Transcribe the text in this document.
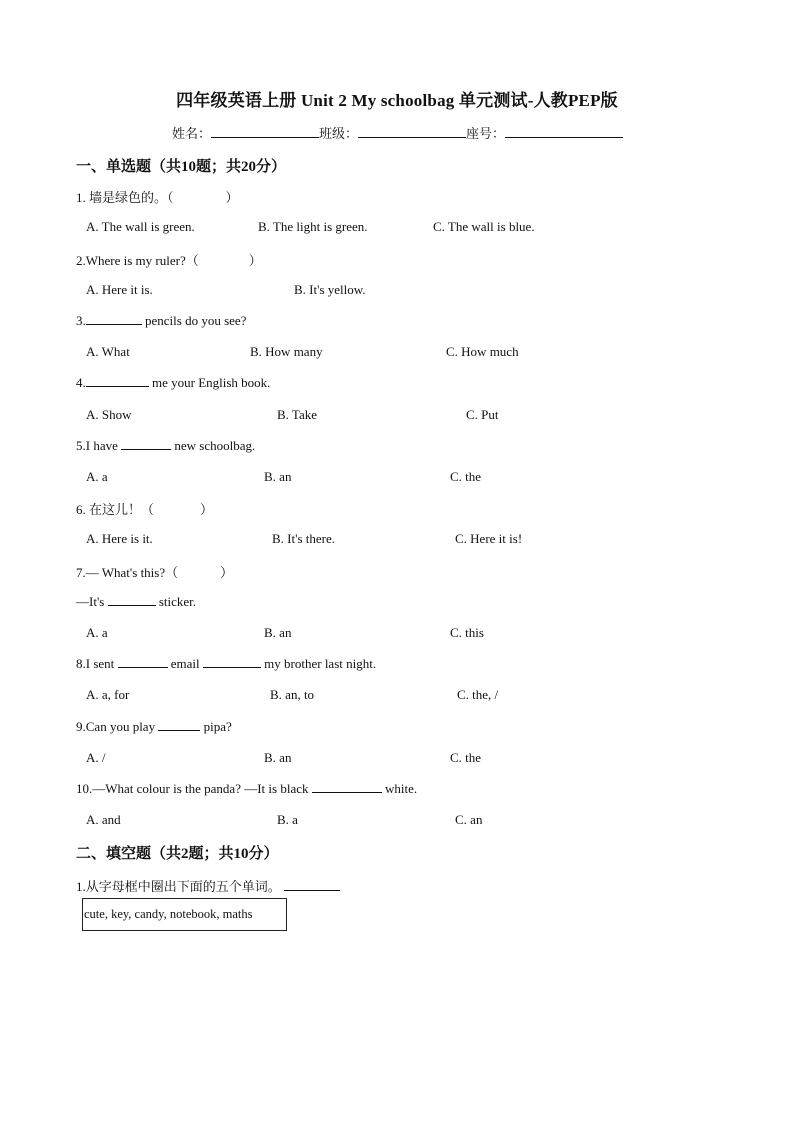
四年级英语上册 Unit 2 My schoolbag 单元测试-人教PEP版
姓名：	班级：	座号：
一、单选题（共10题；共20分）
1. 墙是绿色的。（	）
A. The wall is green.	B. The light is green.	C. The wall is blue.
2.Where is my ruler?（	）
A. Here it is.	B. It's yellow.
3.	pencils do you see?
A. What	B. How many	C. How much
4.	me your English book.
A. Show	B. Take	C. Put
5.I have	new schoolbag.
A. a	B. an	C. the
6. 在这儿！（	）
A. Here is it.	B. It's there.	C. Here it is!
7.— What's this?（	）
—It's	sticker.
A. a	B. an	C. this
8.I sent	email	my brother last night.
A. a, for	B. an, to	C. the, /
9.Can you play	pipa?
A. /	B. an	C. the
10.—What colour is the panda? —It is black	white.
A. and	B. a	C. an
二、填空题（共2题；共10分）
1.从字母框中圈出下面的五个单词。
cute, key, candy, notebook, maths
